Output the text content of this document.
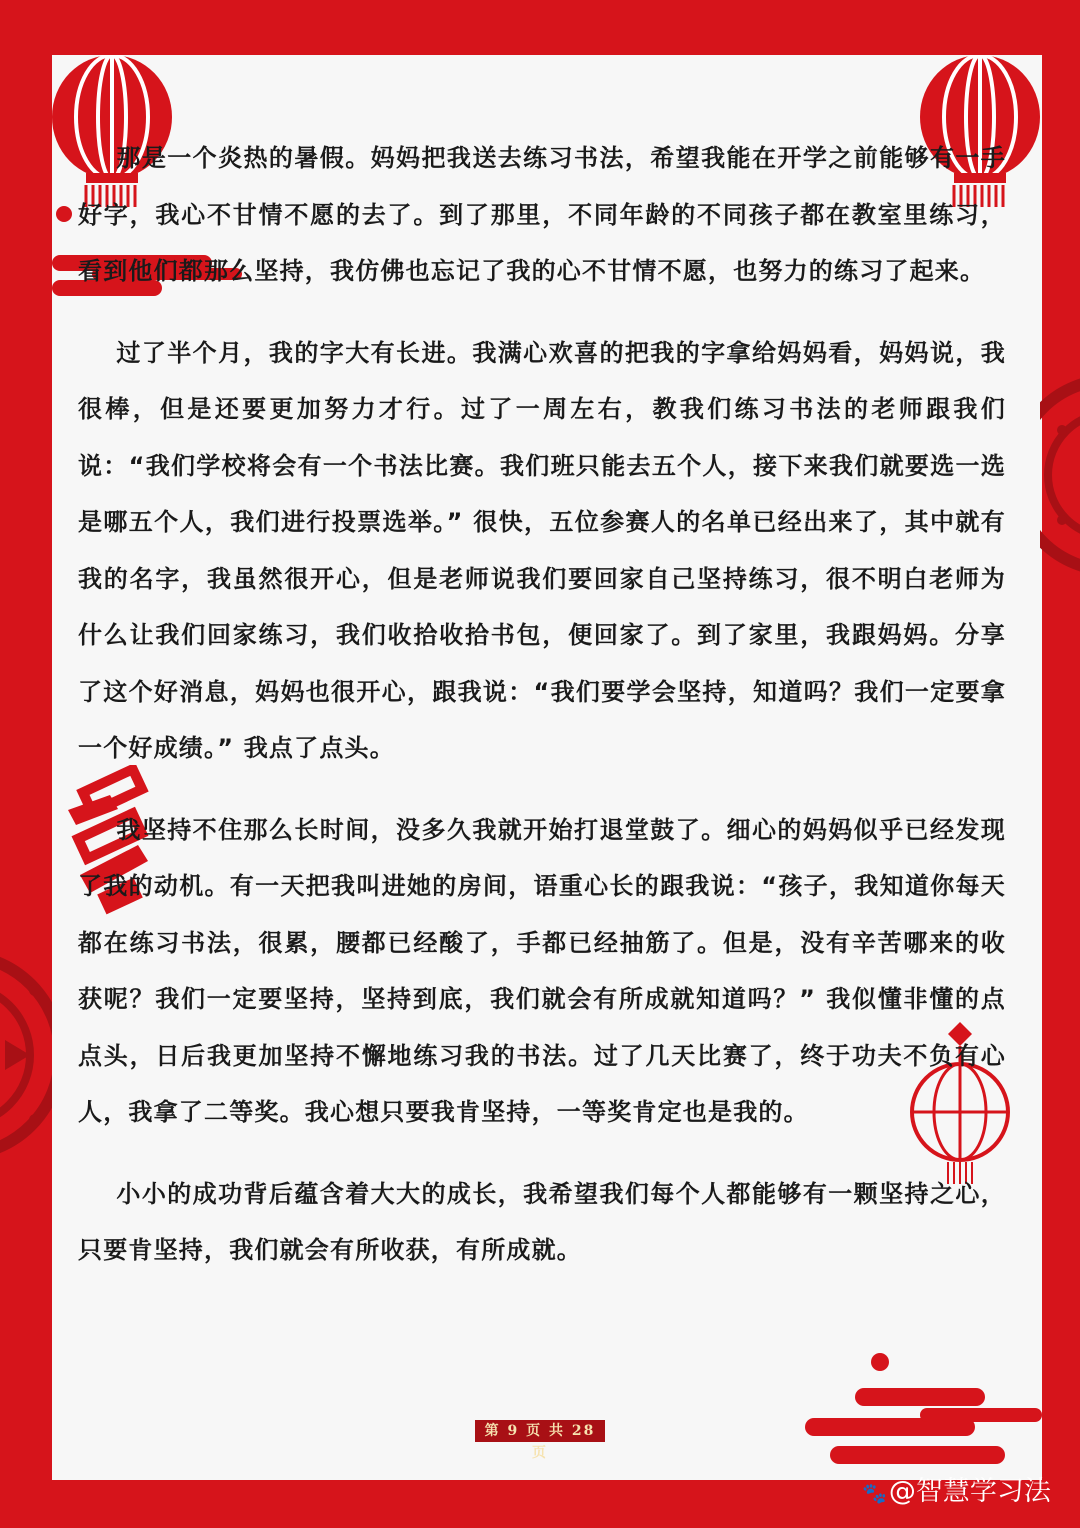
那是一个炎热的暑假。妈妈把我送去练习书法，希望我能在开学之前能够有一手好字，我心不甘情不愿的去了。到了那里，不同年龄的不同孩子都在教室里练习，看到他们都那么坚持，我仿佛也忘记了我的心不甘情不愿，也努力的练习了起来。

过了半个月，我的字大有长进。我满心欢喜的把我的字拿给妈妈看，妈妈说，我很棒，但是还要更加努力才行。过了一周左右，教我们练习书法的老师跟我们说：“我们学校将会有一个书法比赛。我们班只能去五个人，接下来我们就要选一选是哪五个人，我们进行投票选举。” 很快，五位参赛人的名单已经出来了，其中就有我的名字，我虽然很开心，但是老师说我们要回家自己坚持练习，很不明白老师为什么让我们回家练习，我们收拾收拾书包，便回家了。到了家里，我跟妈妈。分享了这个好消息，妈妈也很开心，跟我说：“我们要学会坚持，知道吗？我们一定要拿一个好成绩。” 我点了点头。

我坚持不住那么长时间，没多久我就开始打退堂鼓了。细心的妈妈似乎已经发现了我的动机。有一天把我叫进她的房间，语重心长的跟我说：“孩子，我知道你每天都在练习书法，很累，腰都已经酸了，手都已经抽筋了。但是，没有辛苦哪来的收获呢？我们一定要坚持，坚持到底，我们就会有所成就知道吗？” 我似懂非懂的点点头，日后我更加坚持不懈地练习我的书法。过了几天比赛了，终于功夫不负有心人，我拿了二等奖。我心想只要我肯坚持，一等奖肯定也是我的。

小小的成功背后蕴含着大大的成长，我希望我们每个人都能够有一颗坚持之心，只要肯坚持，我们就会有所收获，有所成就。

第 9 页 共 28 页
🐾@智慧学习法
